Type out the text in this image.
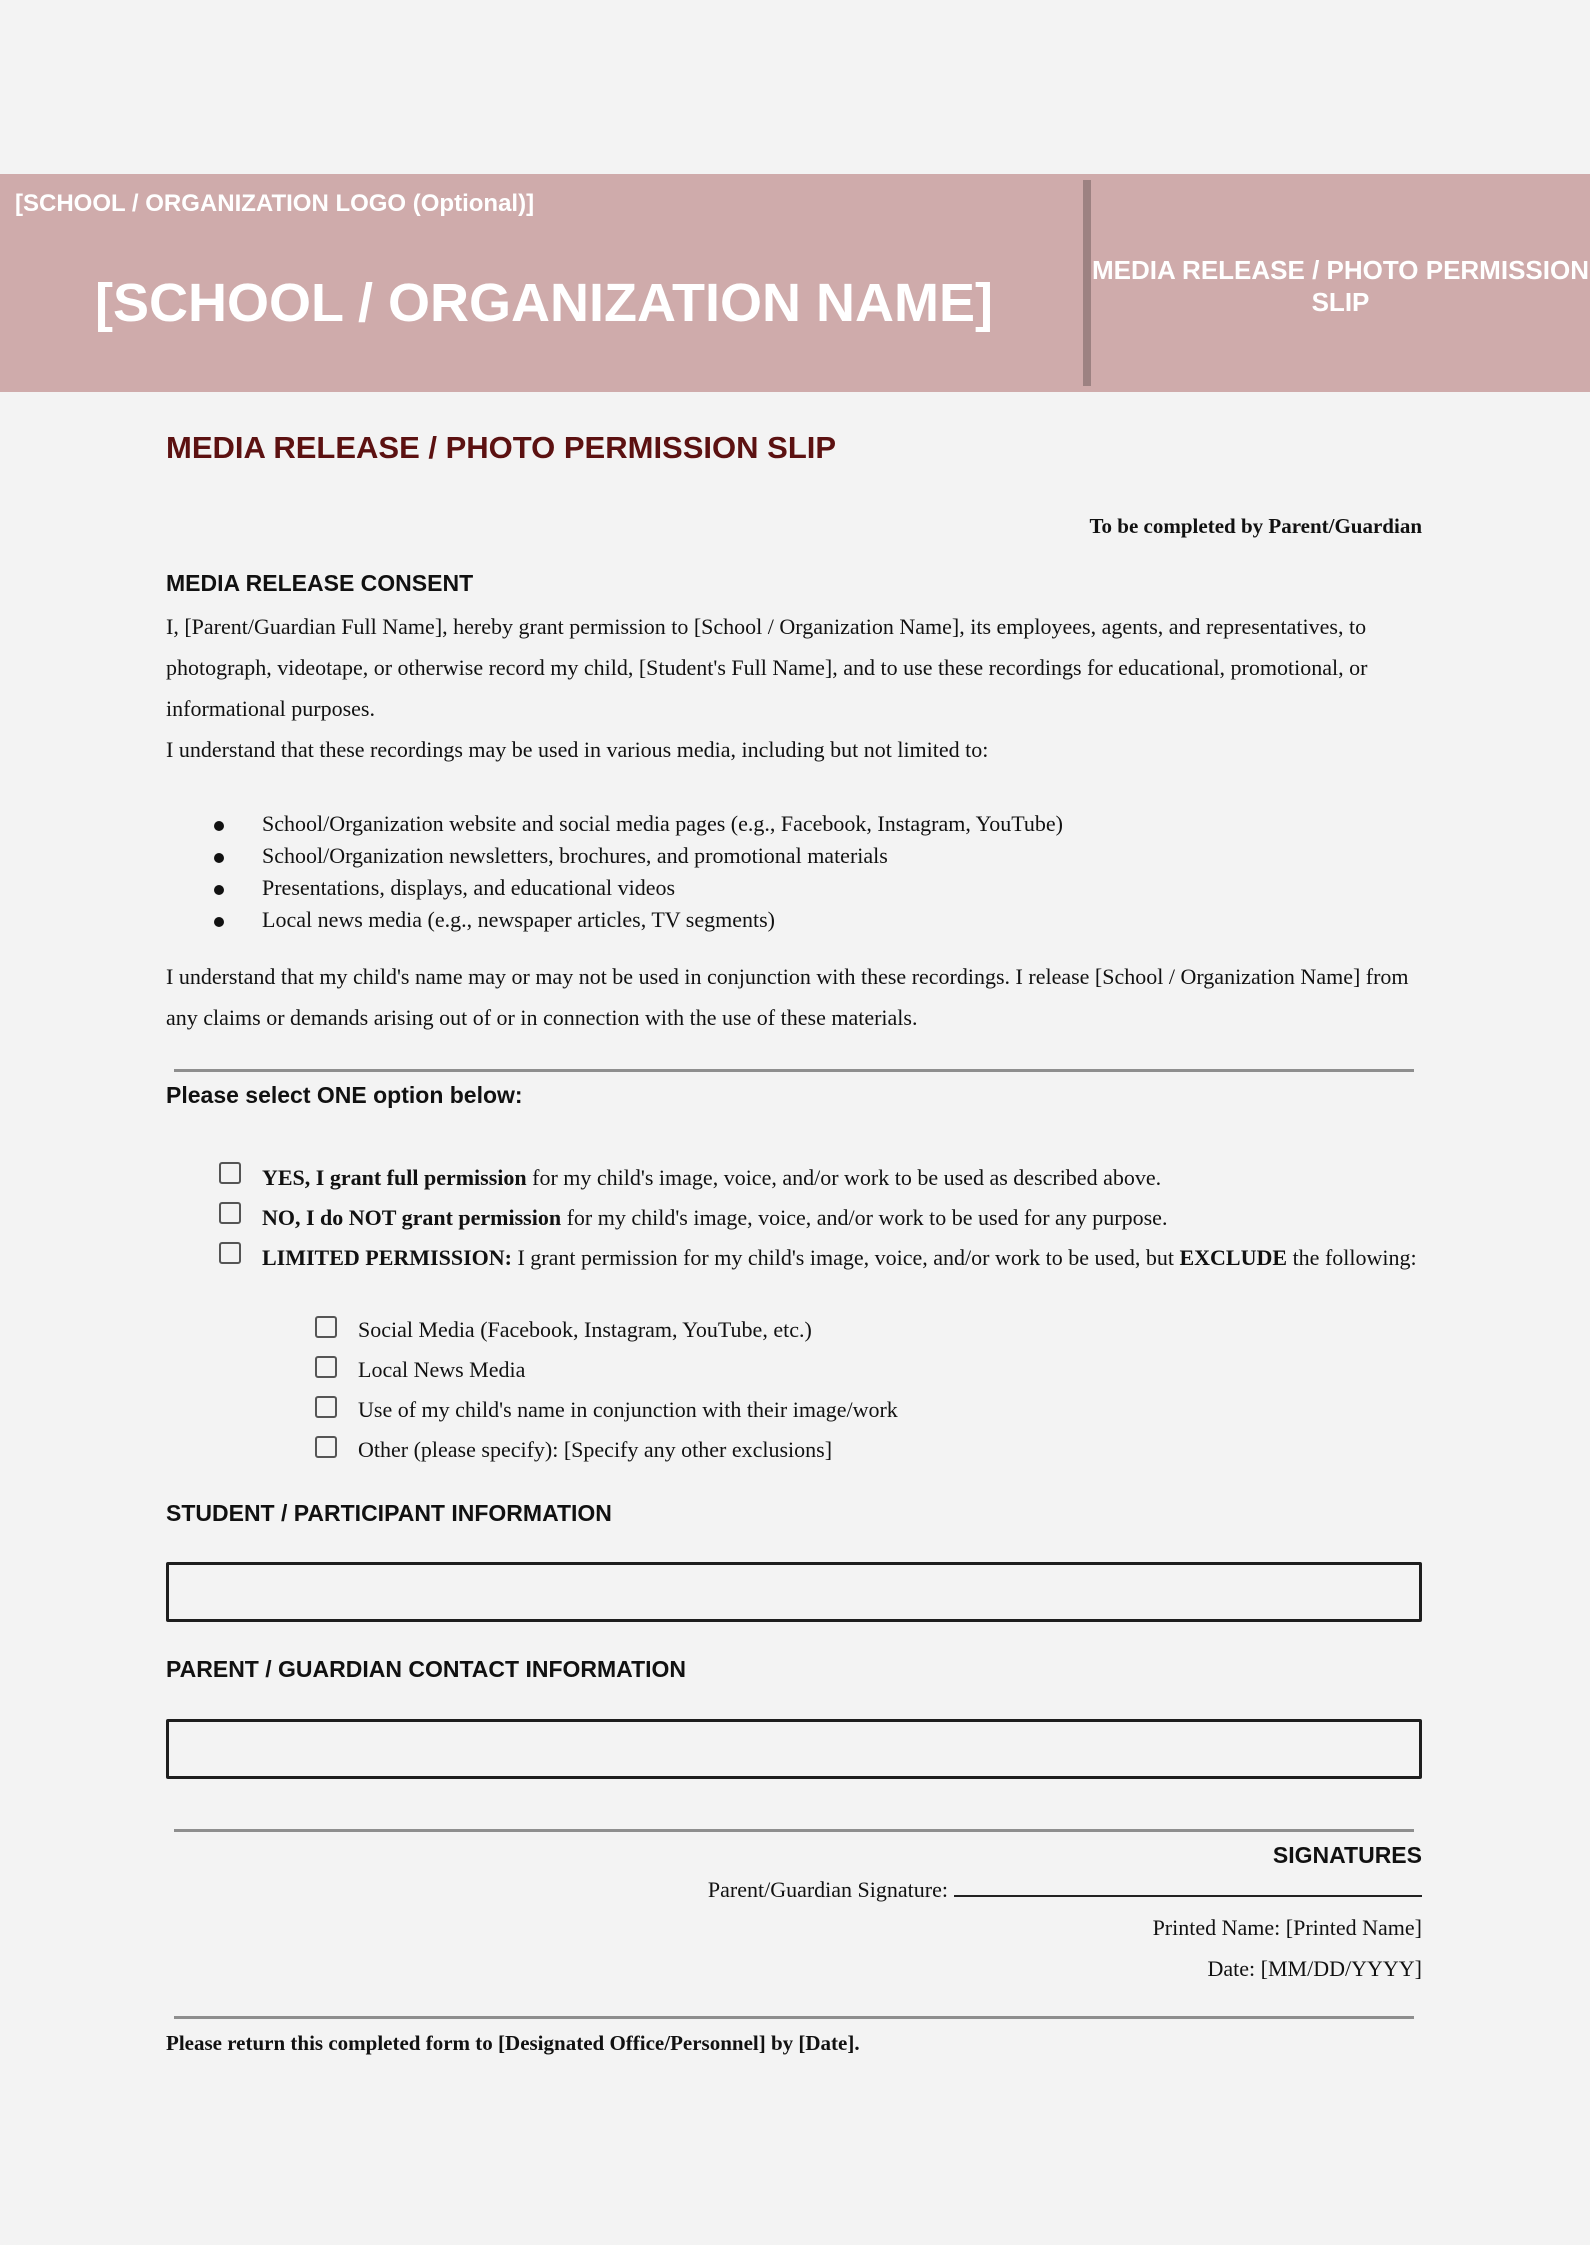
[SCHOOL / ORGANIZATION LOGO (Optional)]
[SCHOOL / ORGANIZATION NAME]
MEDIA RELEASE / PHOTO PERMISSION SLIP
MEDIA RELEASE / PHOTO PERMISSION SLIP
To be completed by Parent/Guardian
MEDIA RELEASE CONSENT
I, [Parent/Guardian Full Name], hereby grant permission to [School / Organization Name], its employees, agents, and representatives, to photograph, videotape, or otherwise record my child, [Student's Full Name], and to use these recordings for educational, promotional, or informational purposes.
I understand that these recordings may be used in various media, including but not limited to:
School/Organization website and social media pages (e.g., Facebook, Instagram, YouTube)
School/Organization newsletters, brochures, and promotional materials
Presentations, displays, and educational videos
Local news media (e.g., newspaper articles, TV segments)
I understand that my child's name may or may not be used in conjunction with these recordings. I release [School / Organization Name] from any claims or demands arising out of or in connection with the use of these materials.
Please select ONE option below:
YES, I grant full permission for my child's image, voice, and/or work to be used as described above.
NO, I do NOT grant permission for my child's image, voice, and/or work to be used for any purpose.
LIMITED PERMISSION: I grant permission for my child's image, voice, and/or work to be used, but EXCLUDE the following:
Social Media (Facebook, Instagram, YouTube, etc.)
Local News Media
Use of my child's name in conjunction with their image/work
Other (please specify): [Specify any other exclusions]
STUDENT / PARTICIPANT INFORMATION
PARENT / GUARDIAN CONTACT INFORMATION
SIGNATURES
Parent/Guardian Signature:
Printed Name: [Printed Name]
Date: [MM/DD/YYYY]
Please return this completed form to [Designated Office/Personnel] by [Date].
